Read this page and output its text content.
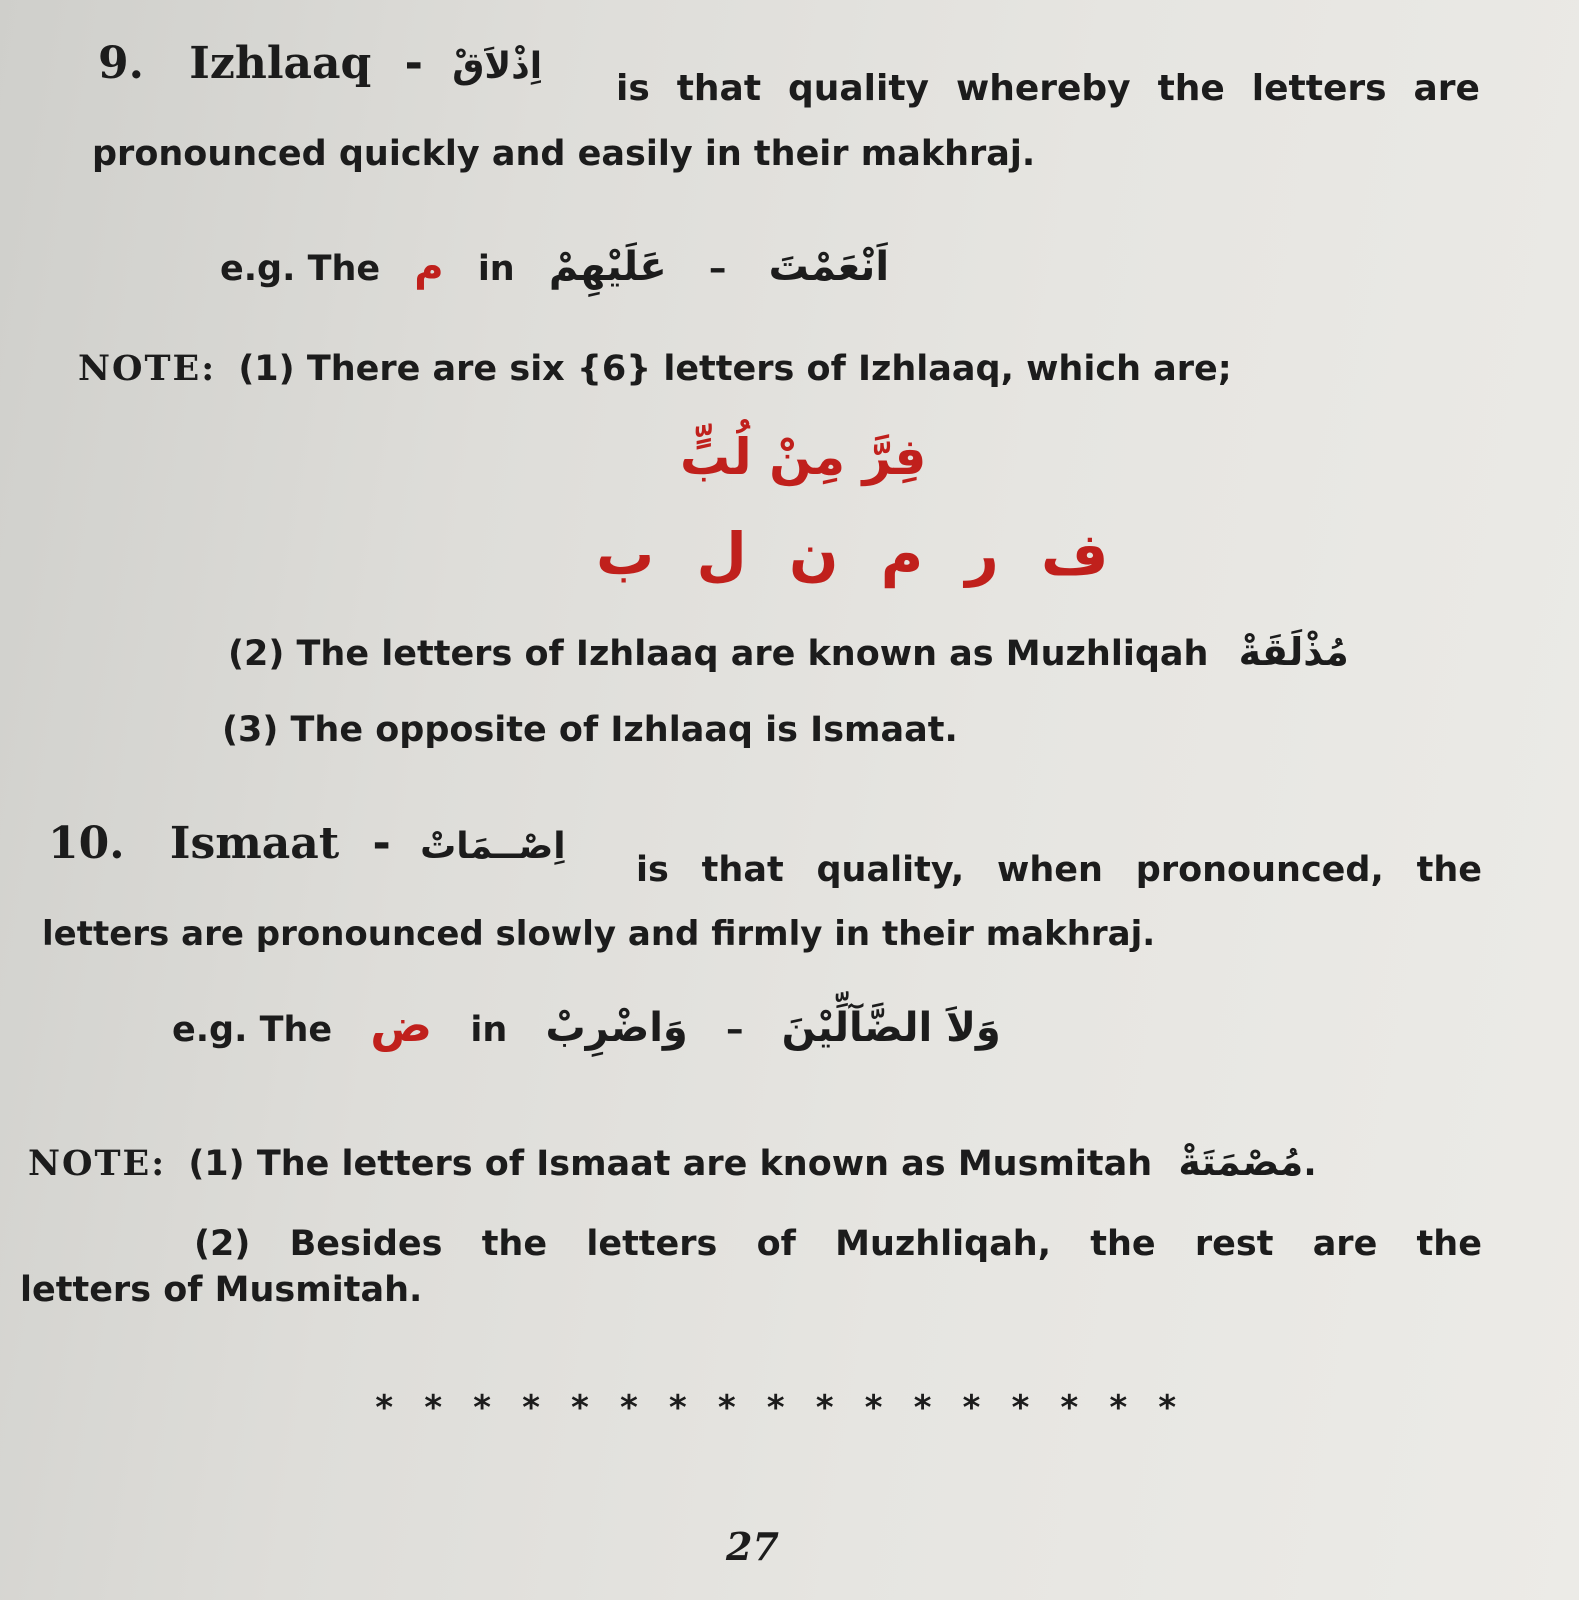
9. Izhlaaq - اِذْلاَقْ
is that quality whereby the letters are
pronounced quickly and easily in their makhraj.
e.g. The م in عَلَيْهِمْ – اَنْعَمْتَ
NOTE: (1) There are six {6} letters of Izhlaaq, which are;
فِرَّ مِنْ لُبٍّ
ف ر م ن ل ب
(2) The letters of Izhlaaq are known as Muzhliqah مُذْلَقَةْ
(3) The opposite of Izhlaaq is Ismaat.
10. Ismaat - اِصْــمَاتْ
is that quality, when pronounced, the
letters are pronounced slowly and firmly in their makhraj.
e.g. The ض in وَاضْرِبْ – وَلاَ الضَّآلِّيْنَ
NOTE: (1) The letters of Ismaat are known as Musmitah مُصْمَتَةْ.
(2) Besides the letters of Muzhliqah, the rest are the
letters of Musmitah.
* * * * * * * * * * * * * * * * *
27
